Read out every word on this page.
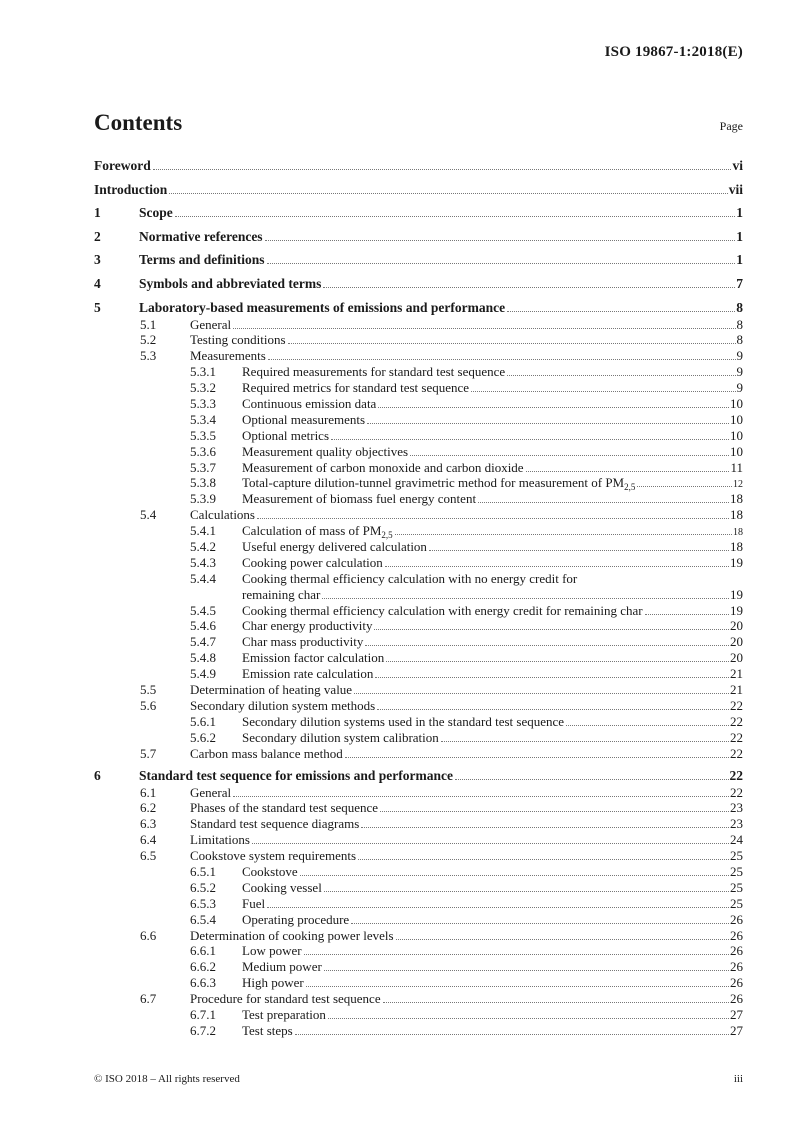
ISO 19867-1:2018(E)
Contents	Page
Foreword	vi
Introduction	vii
1	Scope	1
2	Normative references	1
3	Terms and definitions	1
4	Symbols and abbreviated terms	7
5	Laboratory-based measurements of emissions and performance	8
5.1	General	8
5.2	Testing conditions	8
5.3	Measurements	9
5.3.1	Required measurements for standard test sequence	9
5.3.2	Required metrics for standard test sequence	9
5.3.3	Continuous emission data	10
5.3.4	Optional measurements	10
5.3.5	Optional metrics	10
5.3.6	Measurement quality objectives	10
5.3.7	Measurement of carbon monoxide and carbon dioxide	11
5.3.8	Total-capture dilution-tunnel gravimetric method for measurement of $PM_{2,5}$	12
5.3.9	Measurement of biomass fuel energy content	18
5.4	Calculations	18
5.4.1	Calculation of mass of $PM_{2,5}$	18
5.4.2	Useful energy delivered calculation	18
5.4.3	Cooking power calculation	19
5.4.4	Cooking thermal efficiency calculation with no energy credit for
remaining char	19
5.4.5	Cooking thermal efficiency calculation with energy credit for remaining char	19
5.4.6	Char energy productivity	20
5.4.7	Char mass productivity	20
5.4.8	Emission factor calculation	20
5.4.9	Emission rate calculation	21
5.5	Determination of heating value	21
5.6	Secondary dilution system methods	22
5.6.1	Secondary dilution systems used in the standard test sequence	22
5.6.2	Secondary dilution system calibration	22
5.7	Carbon mass balance method	22
6	Standard test sequence for emissions and performance	22
6.1	General	22
6.2	Phases of the standard test sequence	23
6.3	Standard test sequence diagrams	23
6.4	Limitations	24
6.5	Cookstove system requirements	25
6.5.1	Cookstove	25
6.5.2	Cooking vessel	25
6.5.3	Fuel	25
6.5.4	Operating procedure	26
6.6	Determination of cooking power levels	26
6.6.1	Low power	26
6.6.2	Medium power	26
6.6.3	High power	26
6.7	Procedure for standard test sequence	26
6.7.1	Test preparation	27
6.7.2	Test steps	27
© ISO 2018 – All rights reserved	iii
